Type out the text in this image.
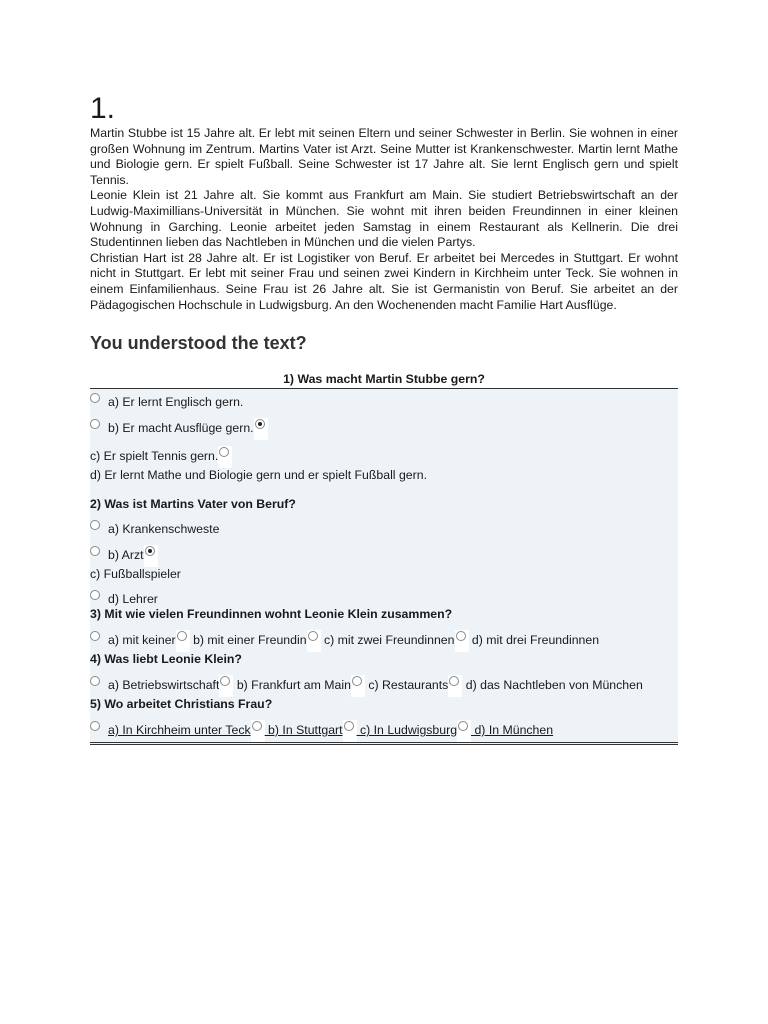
1.

Martin Stubbe ist 15 Jahre alt. Er lebt mit seinen Eltern und seiner Schwester in Berlin. Sie wohnen in einer großen Wohnung im Zentrum. Martins Vater ist Arzt. Seine Mutter ist Krankenschwester. Martin lernt Mathe und Biologie gern. Er spielt Fußball. Seine Schwester ist 17 Jahre alt. Sie lernt Englisch gern und spielt Tennis.

Leonie Klein ist 21 Jahre alt. Sie kommt aus Frankfurt am Main. Sie studiert Betriebswirtschaft an der Ludwig-Maximillians-Universität in München. Sie wohnt mit ihren beiden Freundinnen in einer kleinen Wohnung in Garching. Leonie arbeitet jeden Samstag in einem Restaurant als Kellnerin. Die drei Studentinnen lieben das Nachtleben in München und die vielen Partys.

Christian Hart ist 28 Jahre alt. Er ist Logistiker von Beruf. Er arbeitet bei Mercedes in Stuttgart. Er wohnt nicht in Stuttgart. Er lebt mit seiner Frau und seinen zwei Kindern in Kirchheim unter Teck. Sie wohnen in einem Einfamilienhaus. Seine Frau ist 26 Jahre alt. Sie ist Germanistin von Beruf. Sie arbeitet an der Pädagogischen Hochschule in Ludwigsburg. An den Wochenenden macht Familie Hart Ausflüge.

You understood the text?
1) Was macht Martin Stubbe gern?
a) Er lernt Englisch gern.
b) Er macht Ausflüge gern.
c) Er spielt Tennis gern.
d) Er lernt Mathe und Biologie gern und er spielt Fußball gern.
2) Was ist Martins Vater von Beruf?
a) Krankenschweste
b) Arzt
c) Fußballspieler
d) Lehrer
3) Mit wie vielen Freundinnen wohnt Leonie Klein zusammen?
a) mit keiner b) mit einer Freundin c) mit zwei Freundinnen d) mit drei Freundinnen
4) Was liebt Leonie Klein?
a) Betriebswirtschaft b) Frankfurt am Main c) Restaurants d) das Nachtleben von München
5) Wo arbeitet Christians Frau?
a) In Kirchheim unter Teck b) In Stuttgart c) In Ludwigsburg d) In München
